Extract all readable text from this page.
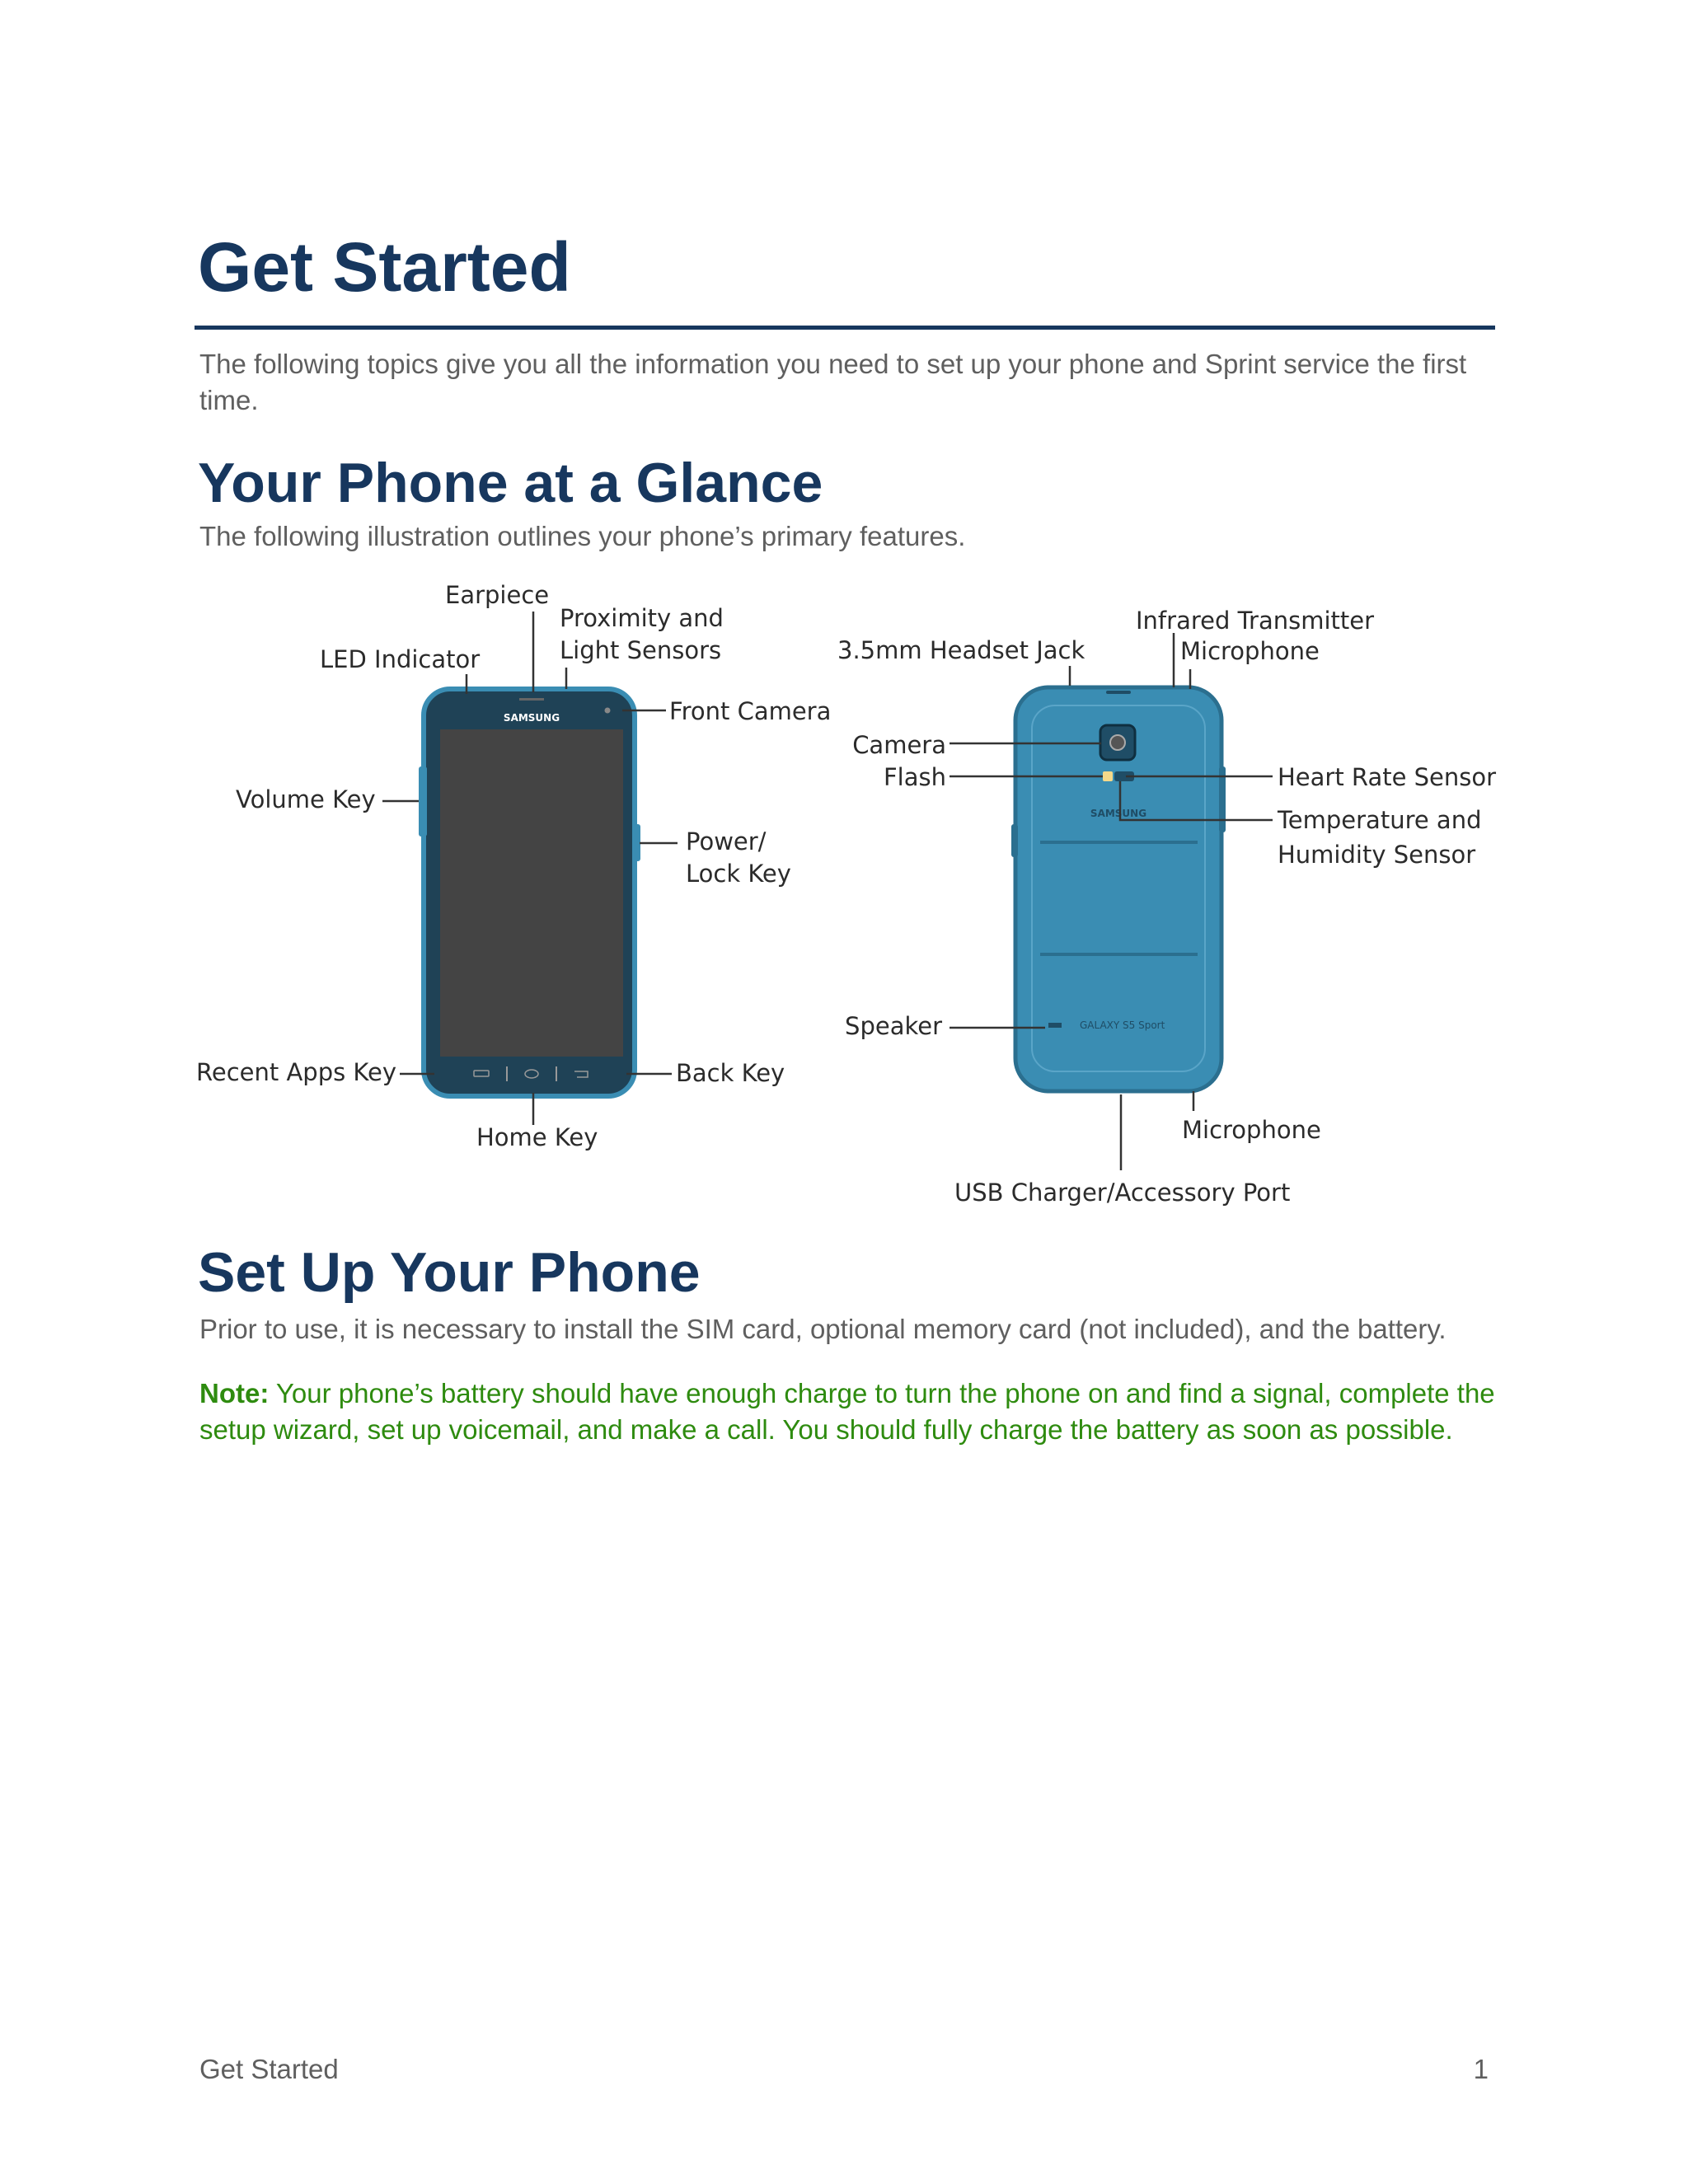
Get Started

The following topics give you all the information you need to set up your phone and Sprint service the first time.

Your Phone at a Glance

The following illustration outlines your phone’s primary features.

SAMSUNG
Earpiece
Proximity and
Light Sensors
LED Indicator
Front Camera
Volume Key
Power/
Lock Key
Recent Apps Key	Back Key
Home Key
SAMSUNG
GALAXY S5 Sport
3.5mm Headset Jack
Infrared Transmitter
Microphone
Camera
Flash	Heart Rate Sensor
Temperature and
Humidity Sensor
Speaker
Microphone
USB Charger/Accessory Port
Set Up Your Phone

Prior to use, it is necessary to install the SIM card, optional memory card (not included), and the battery.

Note: Your phone’s battery should have enough charge to turn the phone on and find a signal, complete the setup wizard, set up voicemail, and make a call. You should fully charge the battery as soon as possible.

Get Started	1
